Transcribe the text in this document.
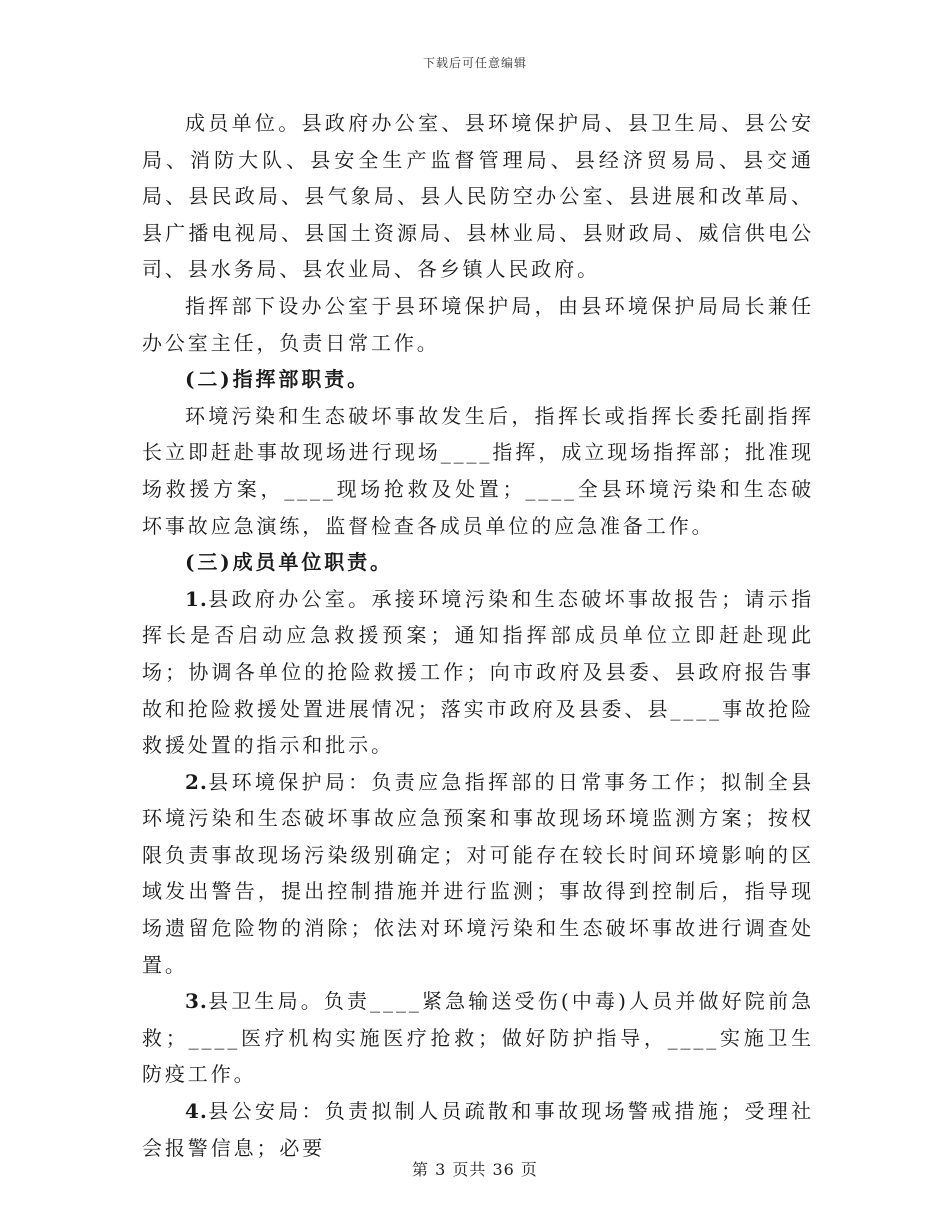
下载后可任意编辑

成员单位。县政府办公室、县环境保护局、县卫生局、县公安局、消防大队、县安全生产监督管理局、县经济贸易局、县交通局、县民政局、县气象局、县人民防空办公室、县进展和改革局、县广播电视局、县国土资源局、县林业局、县财政局、威信供电公司、县水务局、县农业局、各乡镇人民政府。

指挥部下设办公室于县环境保护局，由县环境保护局局长兼任办公室主任，负责日常工作。

(二)指挥部职责。

环境污染和生态破坏事故发生后，指挥长或指挥长委托副指挥长立即赶赴事故现场进行现场____指挥，成立现场指挥部；批准现场救援方案，____现场抢救及处置；____全县环境污染和生态破坏事故应急演练，监督检查各成员单位的应急准备工作。

(三)成员单位职责。

1.县政府办公室。承接环境污染和生态破坏事故报告；请示指挥长是否启动应急救援预案；通知指挥部成员单位立即赶赴现此场；协调各单位的抢险救援工作；向市政府及县委、县政府报告事故和抢险救援处置进展情况；落实市政府及县委、县____事故抢险救援处置的指示和批示。

2.县环境保护局：负责应急指挥部的日常事务工作；拟制全县环境污染和生态破坏事故应急预案和事故现场环境监测方案；按权限负责事故现场污染级别确定；对可能存在较长时间环境影响的区域发出警告，提出控制措施并进行监测；事故得到控制后，指导现场遗留危险物的消除；依法对环境污染和生态破坏事故进行调查处置。

3.县卫生局。负责____紧急输送受伤(中毒)人员并做好院前急救；____医疗机构实施医疗抢救；做好防护指导，____实施卫生防疫工作。

4.县公安局：负责拟制人员疏散和事故现场警戒措施；受理社会报警信息；必要

第 3 页共 36 页
